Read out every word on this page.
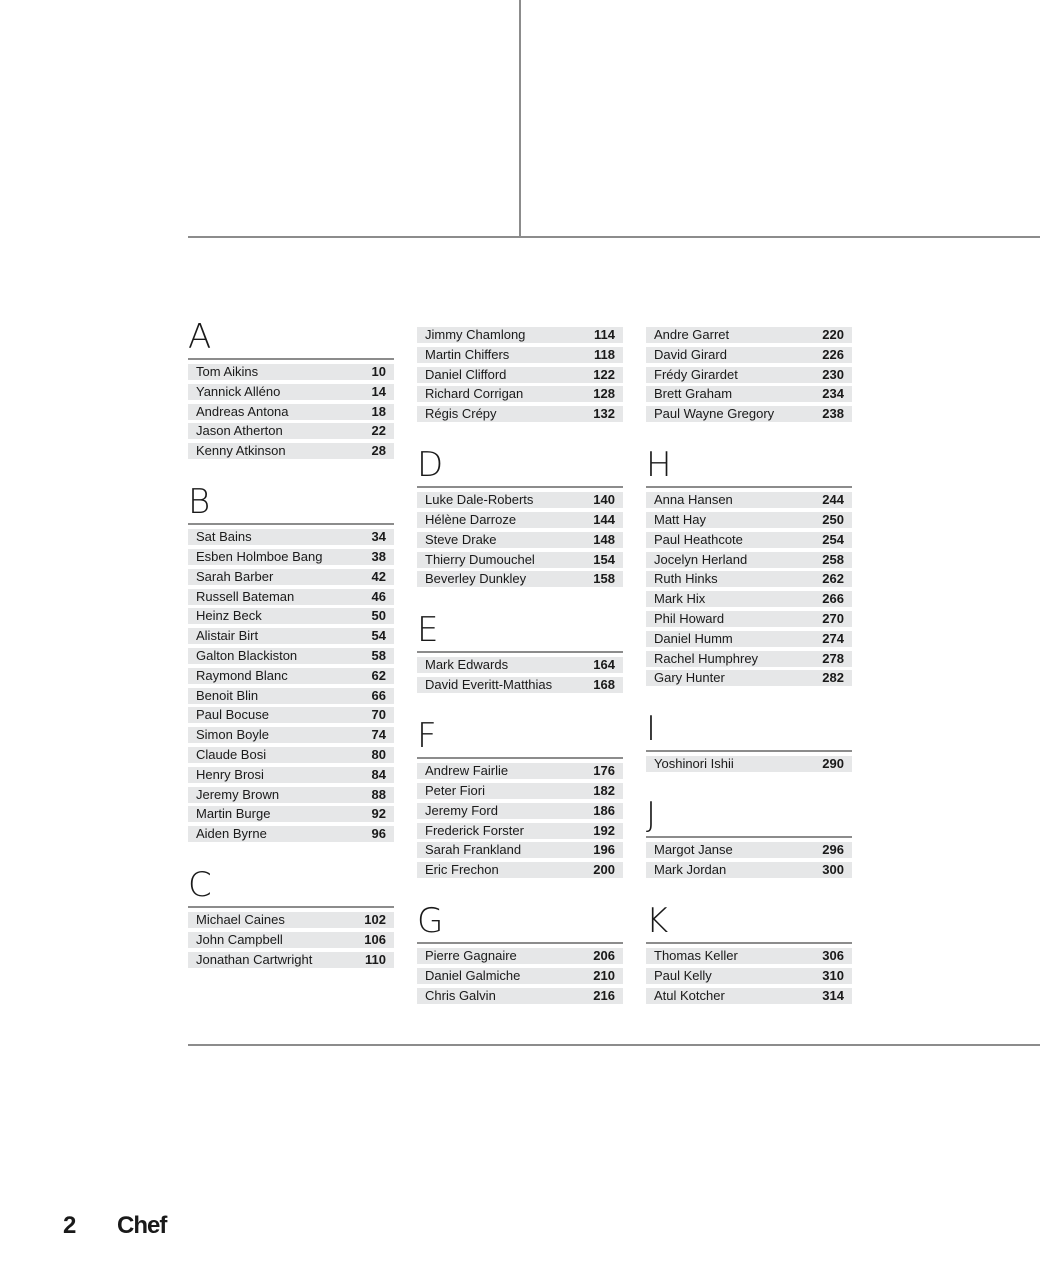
A
Tom Aikins	10
Yannick Alléno	14
Andreas Antona	18
Jason Atherton	22
Kenny Atkinson	28
B
Sat Bains	34
Esben Holmboe Bang	38
Sarah Barber	42
Russell Bateman	46
Heinz Beck	50
Alistair Birt	54
Galton Blackiston	58
Raymond Blanc	62
Benoit Blin	66
Paul Bocuse	70
Simon Boyle	74
Claude Bosi	80
Henry Brosi	84
Jeremy Brown	88
Martin Burge	92
Aiden Byrne	96
C
Michael Caines	102
John Campbell	106
Jonathan Cartwright	110
Jimmy Chamlong	114
Martin Chiffers	118
Daniel Clifford	122
Richard Corrigan	128
Régis Crépy	132
D
Luke Dale-Roberts	140
Hélène Darroze	144
Steve Drake	148
Thierry Dumouchel	154
Beverley Dunkley	158
E
Mark Edwards	164
David Everitt-Matthias	168
F
Andrew Fairlie	176
Peter Fiori	182
Jeremy Ford	186
Frederick Forster	192
Sarah Frankland	196
Eric Frechon	200
G
Pierre Gagnaire	206
Daniel Galmiche	210
Chris Galvin	216
Andre Garret	220
David Girard	226
Frédy Girardet	230
Brett Graham	234
Paul Wayne Gregory	238
H
Anna Hansen	244
Matt Hay	250
Paul Heathcote	254
Jocelyn Herland	258
Ruth Hinks	262
Mark Hix	266
Phil Howard	270
Daniel Humm	274
Rachel Humphrey	278
Gary Hunter	282
I
Yoshinori Ishii	290
J
Margot Janse	296
Mark Jordan	300
K
Thomas Keller	306
Paul Kelly	310
Atul Kotcher	314
2 Chef
